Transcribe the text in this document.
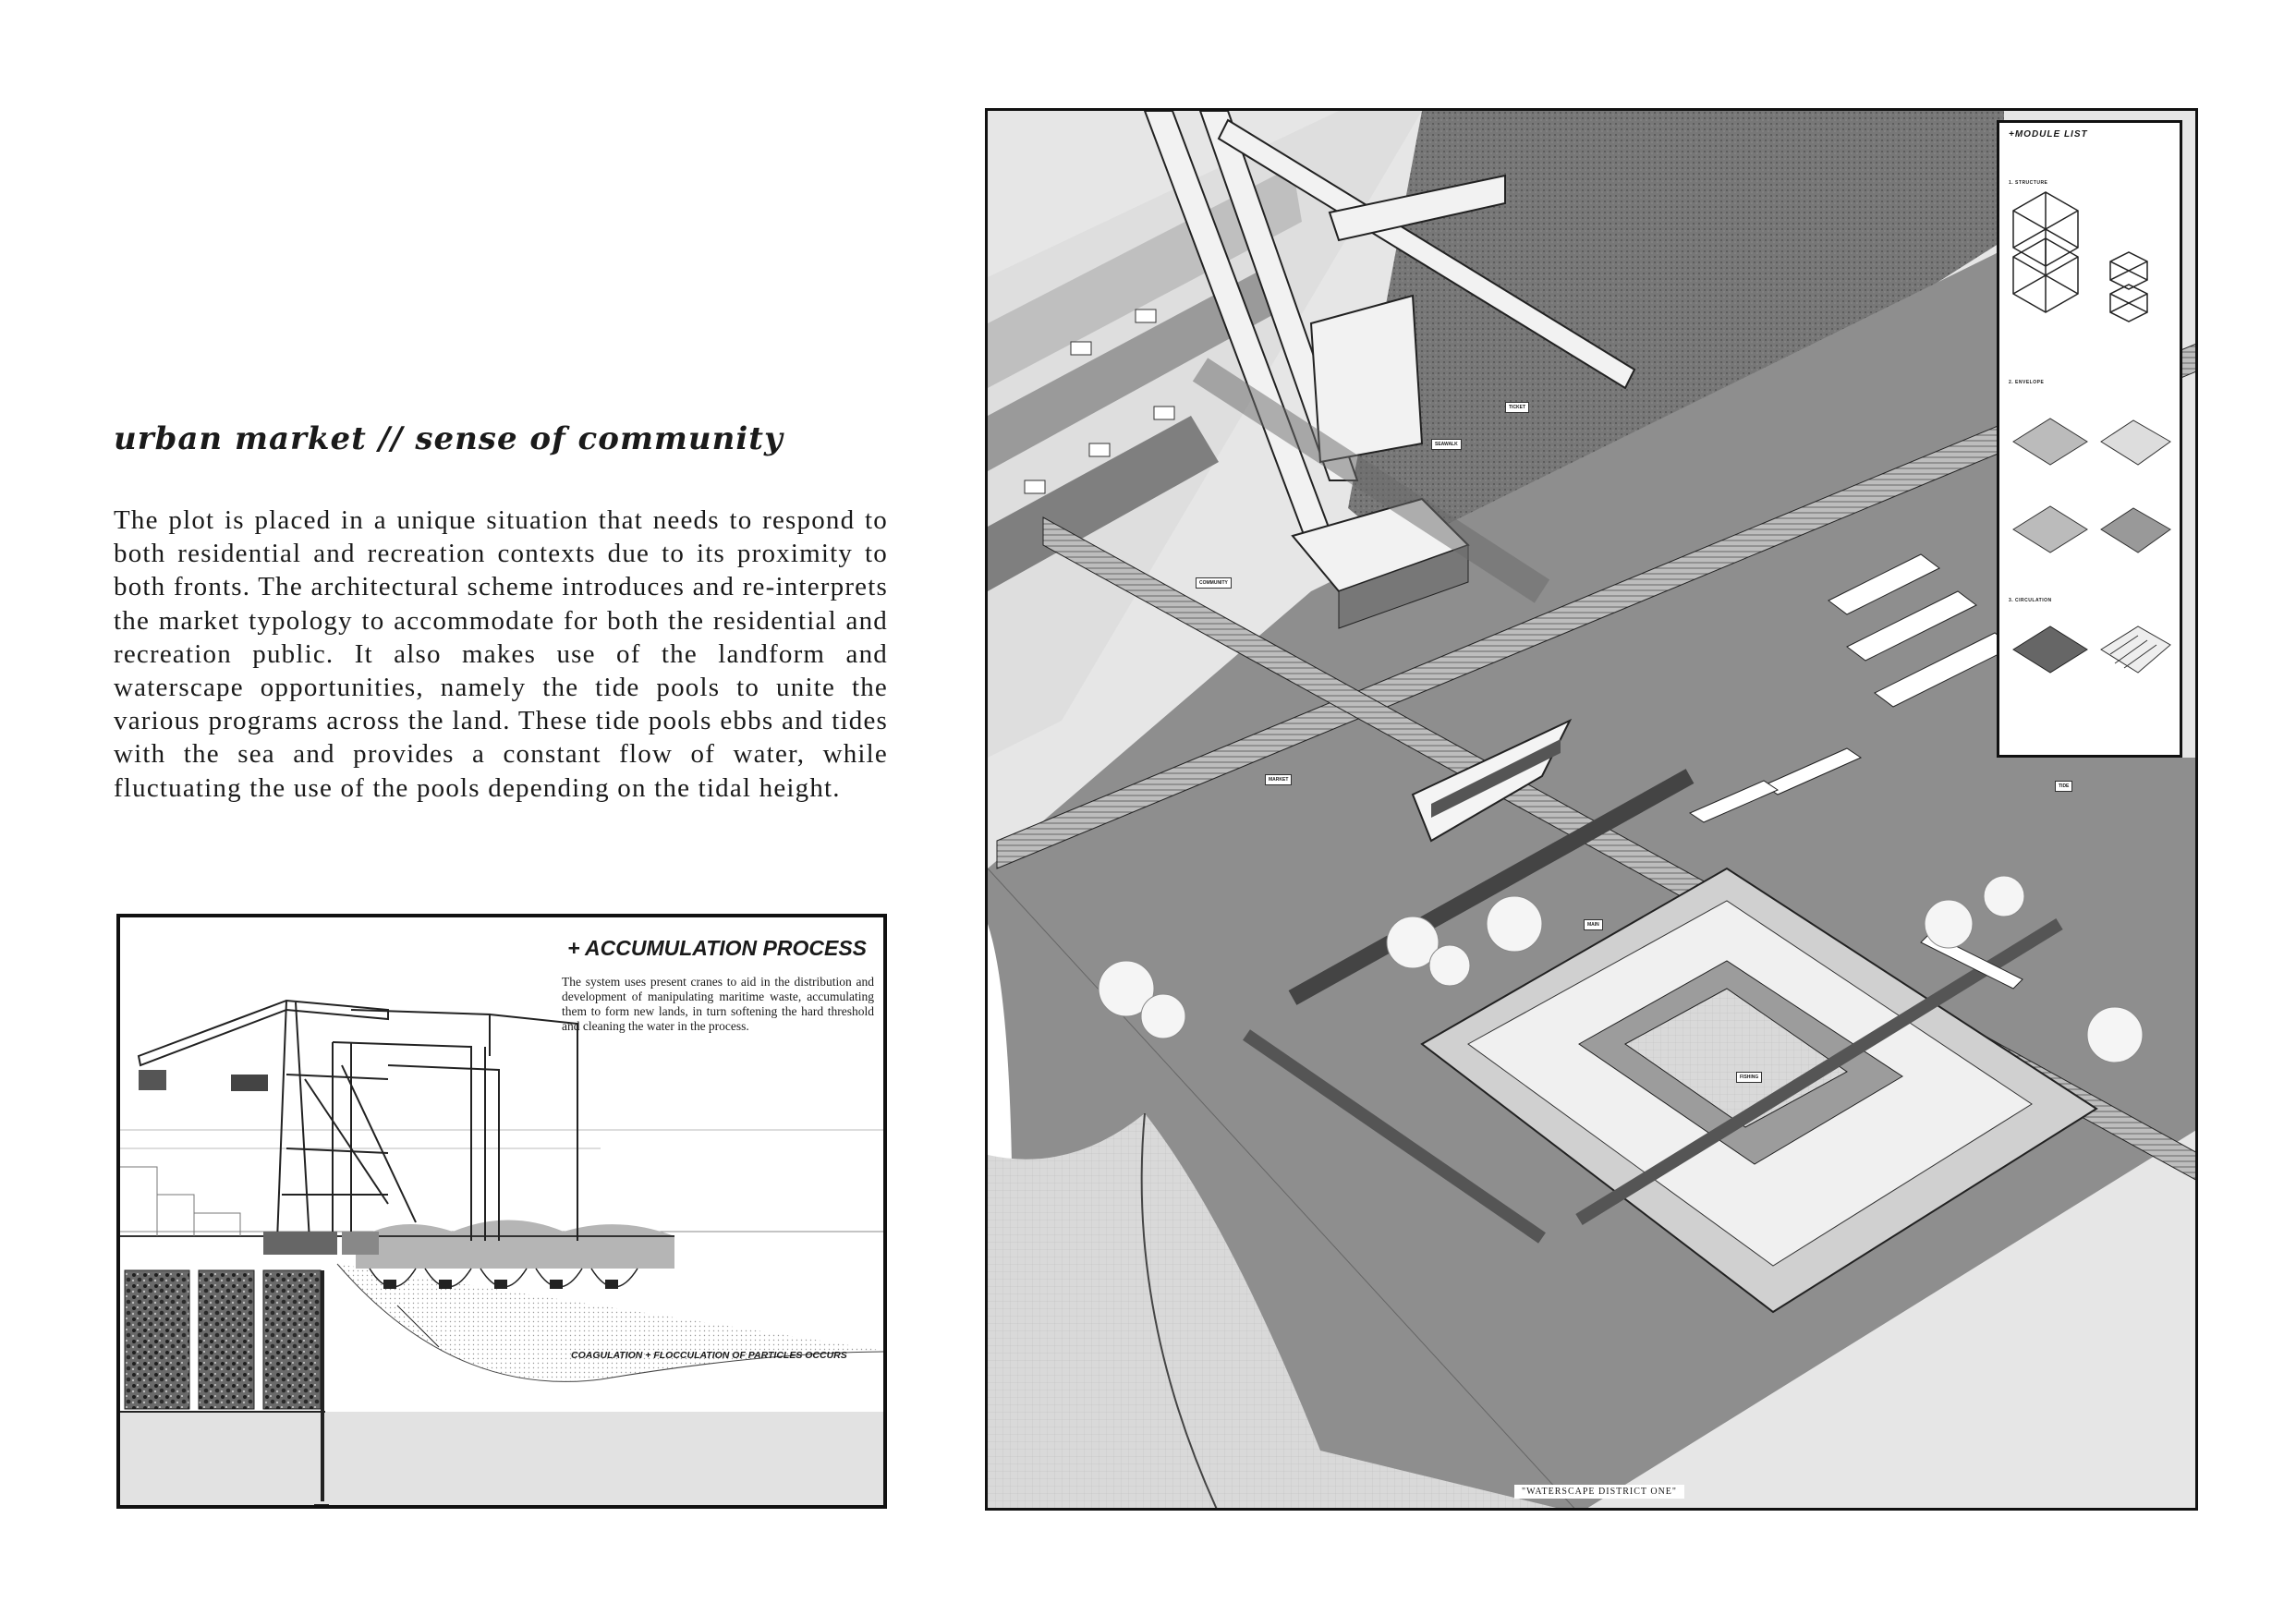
urban market // sense of community

The plot is placed in a unique situation that needs to respond to both residential and recreation contexts due to its proximity to both fronts. The architectural scheme introduces and re-interprets the market typology to accommodate for both the residential and recreation public. It also makes use of the landform and waterscape opportunities, namely the tide pools to unite the various programs across the land. These tide pools ebbs and tides with the sea and provides a constant flow of water, while fluctuating the use of the pools depending on the tidal height.

+ ACCUMULATION PROCESS

The system uses present cranes to aid in the distribution and development of manipulating maritime waste, accumulating them to form new lands, in turn softening the hard threshold and cleaning the water in the process.

COAGULATION + FLOCCULATION OF PARTICLES OCCURS
SEAWALK
TICKET
COMMUNITY
MARKET
MAIN
TIDE
FISHING
"WATERSCAPE DISTRICT ONE"
+MODULE LIST
1. STRUCTURE
2. ENVELOPE
3. CIRCULATION
